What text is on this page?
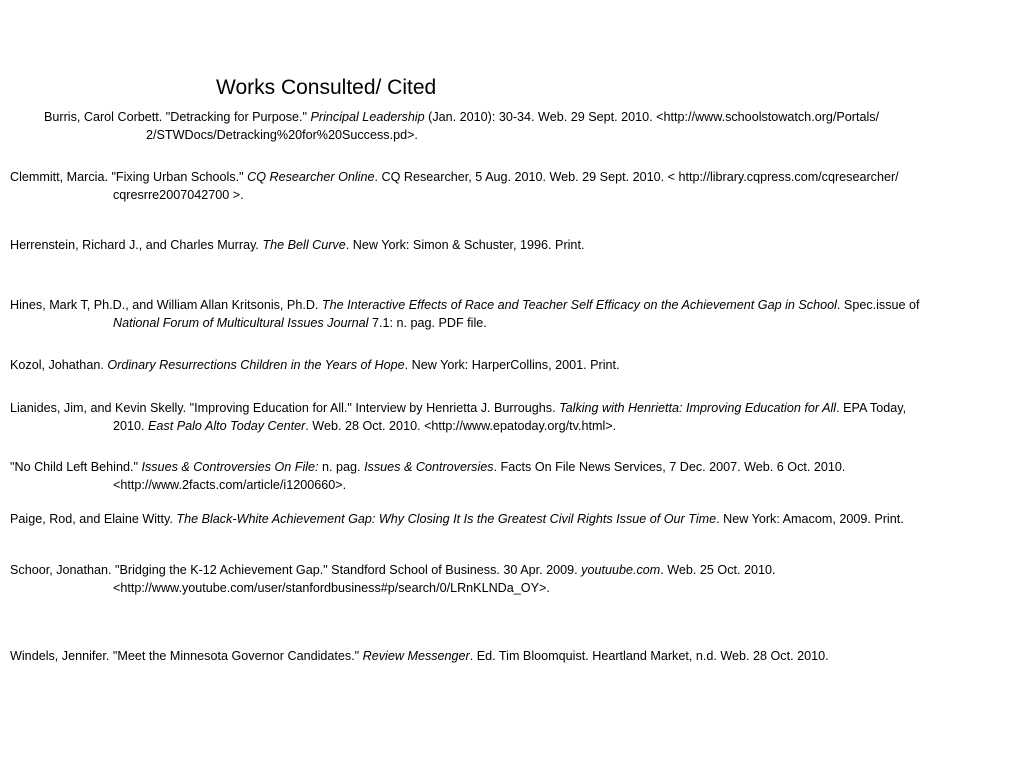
Works Consulted/ Cited
Burris, Carol Corbett. "Detracking for Purpose." Principal Leadership (Jan. 2010): 30-34. Web. 29 Sept. 2010. <http://www.schoolstowatch.org/Portals/
2/STWDocs/Detracking%20for%20Success.pd>.
Clemmitt, Marcia. "Fixing Urban Schools." CQ Researcher Online. CQ Researcher, 5 Aug. 2010. Web. 29 Sept. 2010. < http://library.cqpress.com/cqresearcher/
cqresrre2007042700 >.
Herrenstein, Richard J., and Charles Murray. The Bell Curve. New York: Simon & Schuster, 1996. Print.
Hines, Mark T, Ph.D., and William Allan Kritsonis, Ph.D. The Interactive Effects of Race and Teacher Self Efficacy on the Achievement Gap in School. Spec.issue of
National Forum of Multicultural Issues Journal 7.1: n. pag. PDF file.
Kozol, Johathan. Ordinary Resurrections Children in the Years of Hope. New York: HarperCollins, 2001. Print.
Lianides, Jim, and Kevin Skelly. "Improving Education for All." Interview by Henrietta J. Burroughs. Talking with Henrietta: Improving Education for All. EPA Today,
2010. East Palo Alto Today Center. Web. 28 Oct. 2010. <http://www.epatoday.org/tv.html>.
"No Child Left Behind." Issues & Controversies On File: n. pag. Issues & Controversies. Facts On File News Services, 7 Dec. 2007. Web. 6 Oct. 2010.
<http://www.2facts.com/article/i1200660>.
Paige, Rod, and Elaine Witty. The Black-White Achievement Gap: Why Closing It Is the Greatest Civil Rights Issue of Our Time. New York: Amacom, 2009. Print.
Schoor, Jonathan. "Bridging the K-12 Achievement Gap." Standford School of Business. 30 Apr. 2009. youtuube.com. Web. 25 Oct. 2010.
<http://www.youtube.com/user/stanfordbusiness#p/search/0/LRnKLNDa_OY>.
Windels, Jennifer. "Meet the Minnesota Governor Candidates." Review Messenger. Ed. Tim Bloomquist. Heartland Market, n.d. Web. 28 Oct. 2010.
